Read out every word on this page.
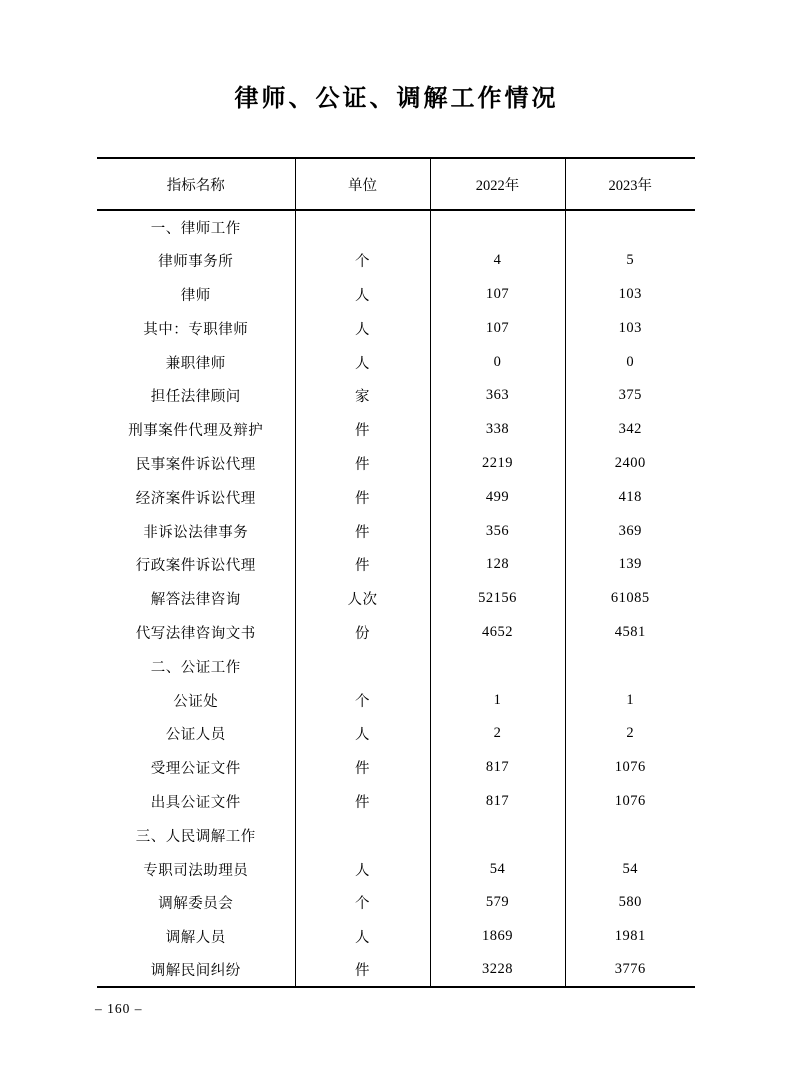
律师、公证、调解工作情况
指标名称	单位	2022年	2023年
一、律师工作			
律师事务所	个	4	5
律师	人	107	103
其中：专职律师	人	107	103
兼职律师	人	0	0
担任法律顾问	家	363	375
刑事案件代理及辩护	件	338	342
民事案件诉讼代理	件	2219	2400
经济案件诉讼代理	件	499	418
非诉讼法律事务	件	356	369
行政案件诉讼代理	件	128	139
解答法律咨询	人次	52156	61085
代写法律咨询文书	份	4652	4581
二、公证工作			
公证处	个	1	1
公证人员	人	2	2
受理公证文件	件	817	1076
出具公证文件	件	817	1076
三、人民调解工作			
专职司法助理员	人	54	54
调解委员会	个	579	580
调解人员	人	1869	1981
调解民间纠纷	件	3228	3776
– 160 –
